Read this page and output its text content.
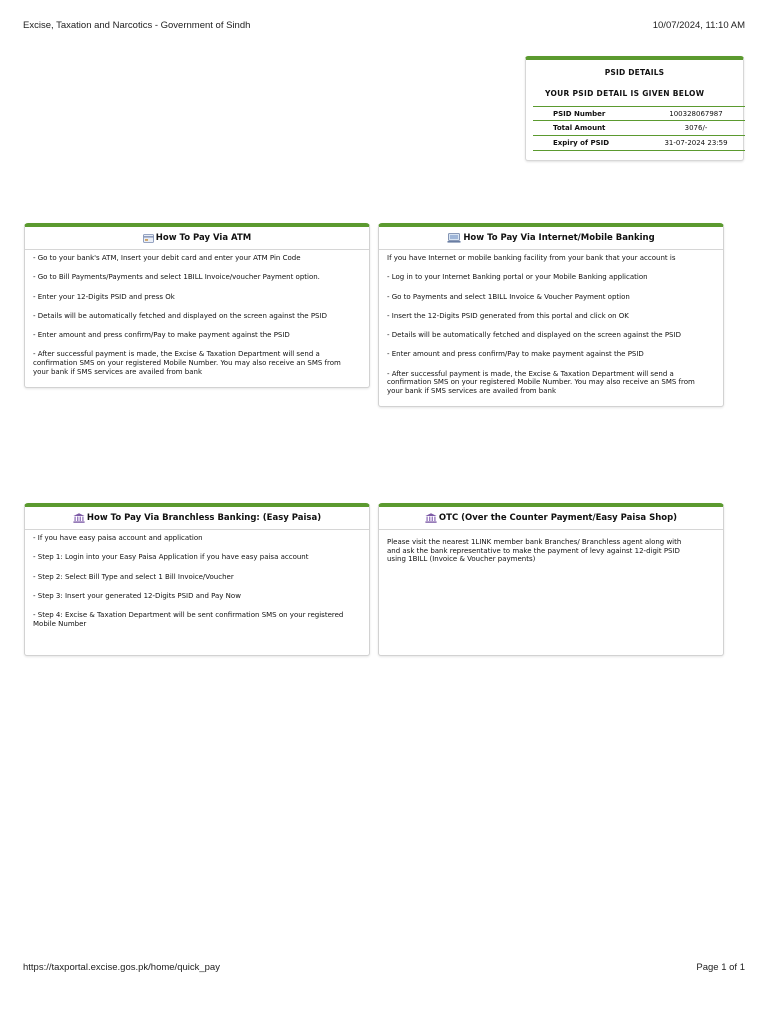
Excise, Taxation and Narcotics - Government of Sindh	10/07/2024, 11:10 AM
PSID DETAILS
YOUR PSID DETAIL IS GIVEN BELOW
PSID Number	100328067987
Total Amount	3076/-
Expiry of PSID	31-07-2024 23:59
How To Pay Via ATM

- Go to your bank's ATM, Insert your debit card and enter your ATM Pin Code

- Go to Bill Payments/Payments and select 1BILL Invoice/voucher Payment option.

- Enter your 12-Digits PSID and press Ok

- Details will be automatically fetched and displayed on the screen against the PSID

- Enter amount and press confirm/Pay to make payment against the PSID

- After successful payment is made, the Excise & Taxation Department will send a
confirmation SMS on your registered Mobile Number. You may also receive an SMS from
your bank if SMS services are availed from bank

How To Pay Via Internet/Mobile Banking

If you have Internet or mobile banking facility from your bank that your account is

- Log in to your Internet Banking portal or your Mobile Banking application

- Go to Payments and select 1BILL Invoice & Voucher Payment option

- Insert the 12-Digits PSID generated from this portal and click on OK

- Details will be automatically fetched and displayed on the screen against the PSID

- Enter amount and press confirm/Pay to make payment against the PSID

- After successful payment is made, the Excise & Taxation Department will send a
confirmation SMS on your registered Mobile Number. You may also receive an SMS from
your bank if SMS services are availed from bank

How To Pay Via Branchless Banking: (Easy Paisa)

- If you have easy paisa account and application

- Step 1: Login into your Easy Paisa Application if you have easy paisa account

- Step 2: Select Bill Type and select 1 Bill Invoice/Voucher

- Step 3: Insert your generated 12-Digits PSID and Pay Now

- Step 4: Excise & Taxation Department will be sent confirmation SMS on your registered
Mobile Number

OTC (Over the Counter Payment/Easy Paisa Shop)

Please visit the nearest 1LINK member bank Branches/ Branchless agent along with
and ask the bank representative to make the payment of levy against 12-digit PSID
using 1BILL (Invoice & Voucher payments)

https://taxportal.excise.gos.pk/home/quick_pay	Page 1 of 1
